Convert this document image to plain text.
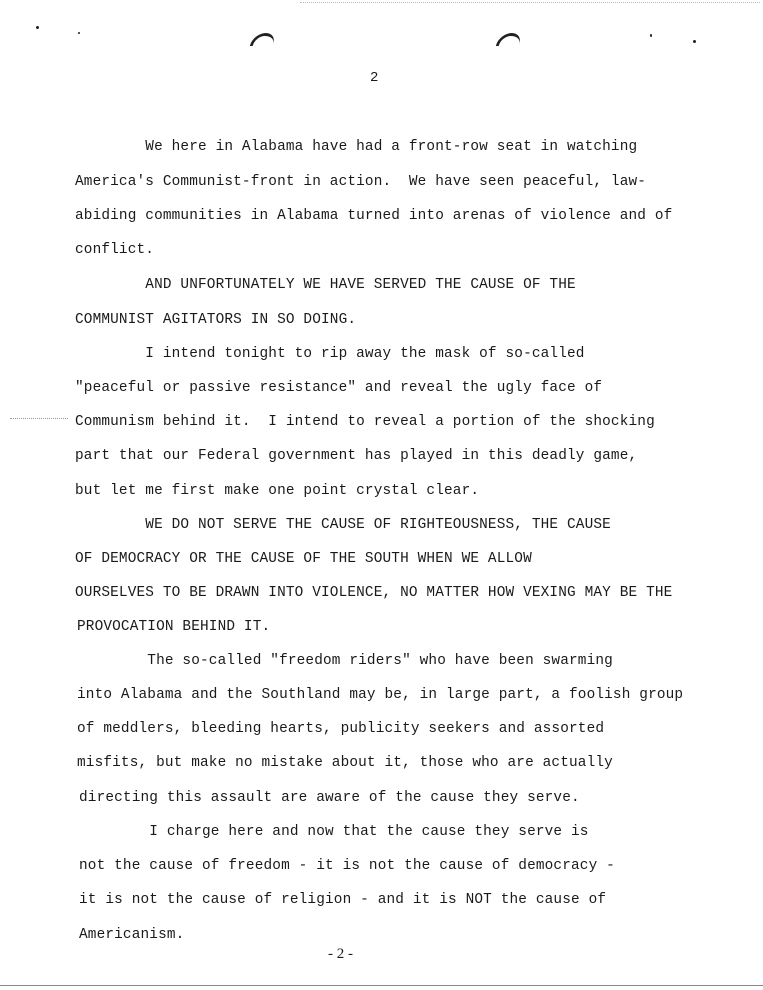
2
We here in Alabama have had a front-row seat in watching
America's Communist-front in action.  We have seen peaceful, law-
abiding communities in Alabama turned into arenas of violence and of
conflict.
AND UNFORTUNATELY WE HAVE SERVED THE CAUSE OF THE
COMMUNIST AGITATORS IN SO DOING.
I intend tonight to rip away the mask of so-called
"peaceful or passive resistance" and reveal the ugly face of
Communism behind it.  I intend to reveal a portion of the shocking
part that our Federal government has played in this deadly game,
but let me first make one point crystal clear.
WE DO NOT SERVE THE CAUSE OF RIGHTEOUSNESS, THE CAUSE
OF DEMOCRACY OR THE CAUSE OF THE SOUTH WHEN WE ALLOW
OURSELVES TO BE DRAWN INTO VIOLENCE, NO MATTER HOW VEXING MAY BE THE
PROVOCATION BEHIND IT.
The so-called "freedom riders" who have been swarming
into Alabama and the Southland may be, in large part, a foolish group
of meddlers, bleeding hearts, publicity seekers and assorted
misfits, but make no mistake about it, those who are actually
directing this assault are aware of the cause they serve.
I charge here and now that the cause they serve is
not the cause of freedom - it is not the cause of democracy -
it is not the cause of religion - and it is NOT the cause of
Americanism.
- 2 -
